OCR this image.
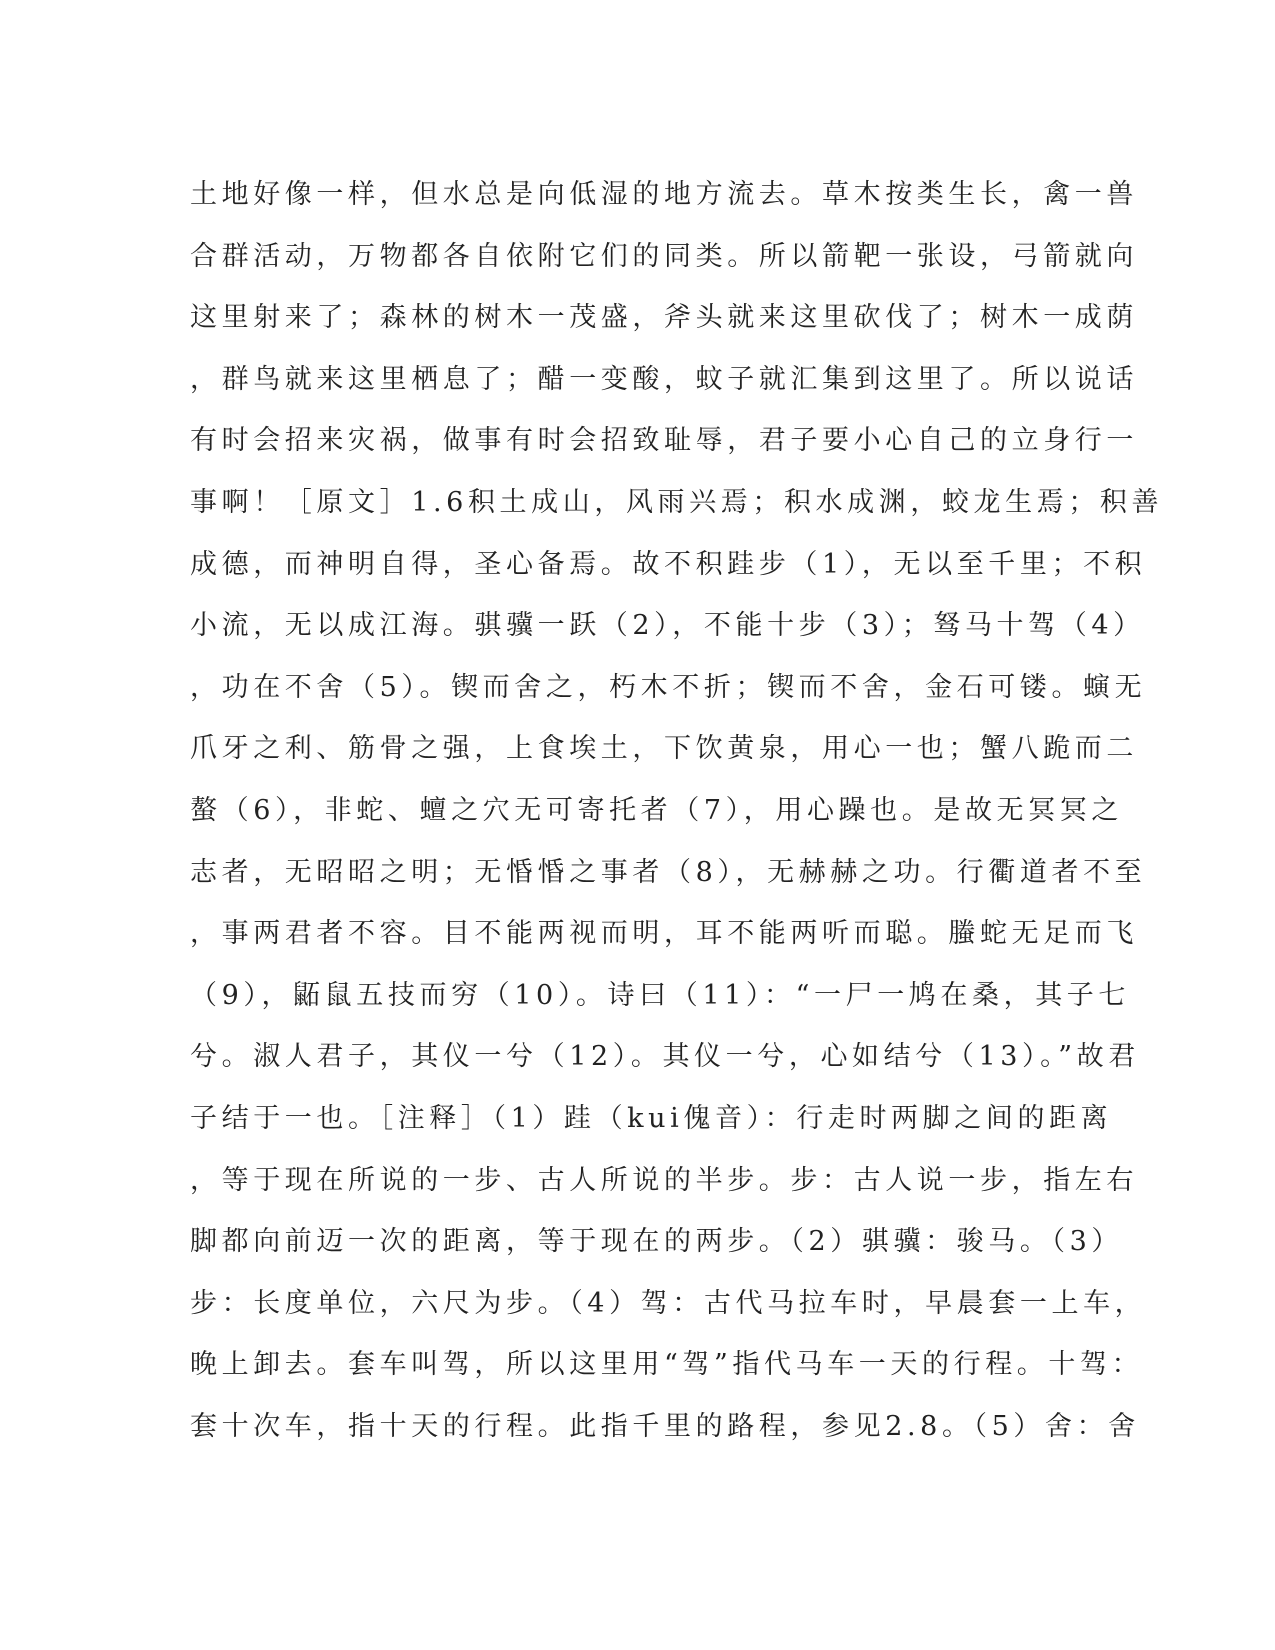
土地好像一样，但水总是向低湿的地方流去。草木按类生长，禽一兽
合群活动，万物都各自依附它们的同类。所以箭靶一张设，弓箭就向
这里射来了；森林的树木一茂盛，斧头就来这里砍伐了；树木一成荫
，群鸟就来这里栖息了；醋一变酸，蚊子就汇集到这里了。所以说话
有时会招来灾祸，做事有时会招致耻辱，君子要小心自己的立身行一
事啊！［原文］1.6积土成山，风雨兴焉；积水成渊，蛟龙生焉；积善
成德，而神明自得，圣心备焉。故不积跬步（1），无以至千里；不积
小流，无以成江海。骐骥一跃（2），不能十步（3）；驽马十驾（4）
，功在不舍（5）。锲而舍之，朽木不折；锲而不舍，金石可镂。螾无
爪牙之利、筋骨之强，上食埃土，下饮黄泉，用心一也；蟹八跪而二
螯（6），非蛇、蟺之穴无可寄托者（7），用心躁也。是故无冥冥之
志者，无昭昭之明；无惛惛之事者（8），无赫赫之功。行衢道者不至
，事两君者不容。目不能两视而明，耳不能两听而聪。螣蛇无足而飞
（9），鼫鼠五技而穷（10）。诗曰（11）：“一尸一鸠在桑，其子七
兮。淑人君子，其仪一兮（12）。其仪一兮，心如结兮（13）。”故君
子结于一也。［注释］（1）跬（kui傀音）：行走时两脚之间的距离
，等于现在所说的一步、古人所说的半步。步：古人说一步，指左右
脚都向前迈一次的距离，等于现在的两步。（2）骐骥：骏马。（3）
步：长度单位，六尺为步。（4）驾：古代马拉车时，早晨套一上车，
晚上卸去。套车叫驾，所以这里用“驾”指代马车一天的行程。十驾：
套十次车，指十天的行程。此指千里的路程，参见2.8。（5）舍：舍
